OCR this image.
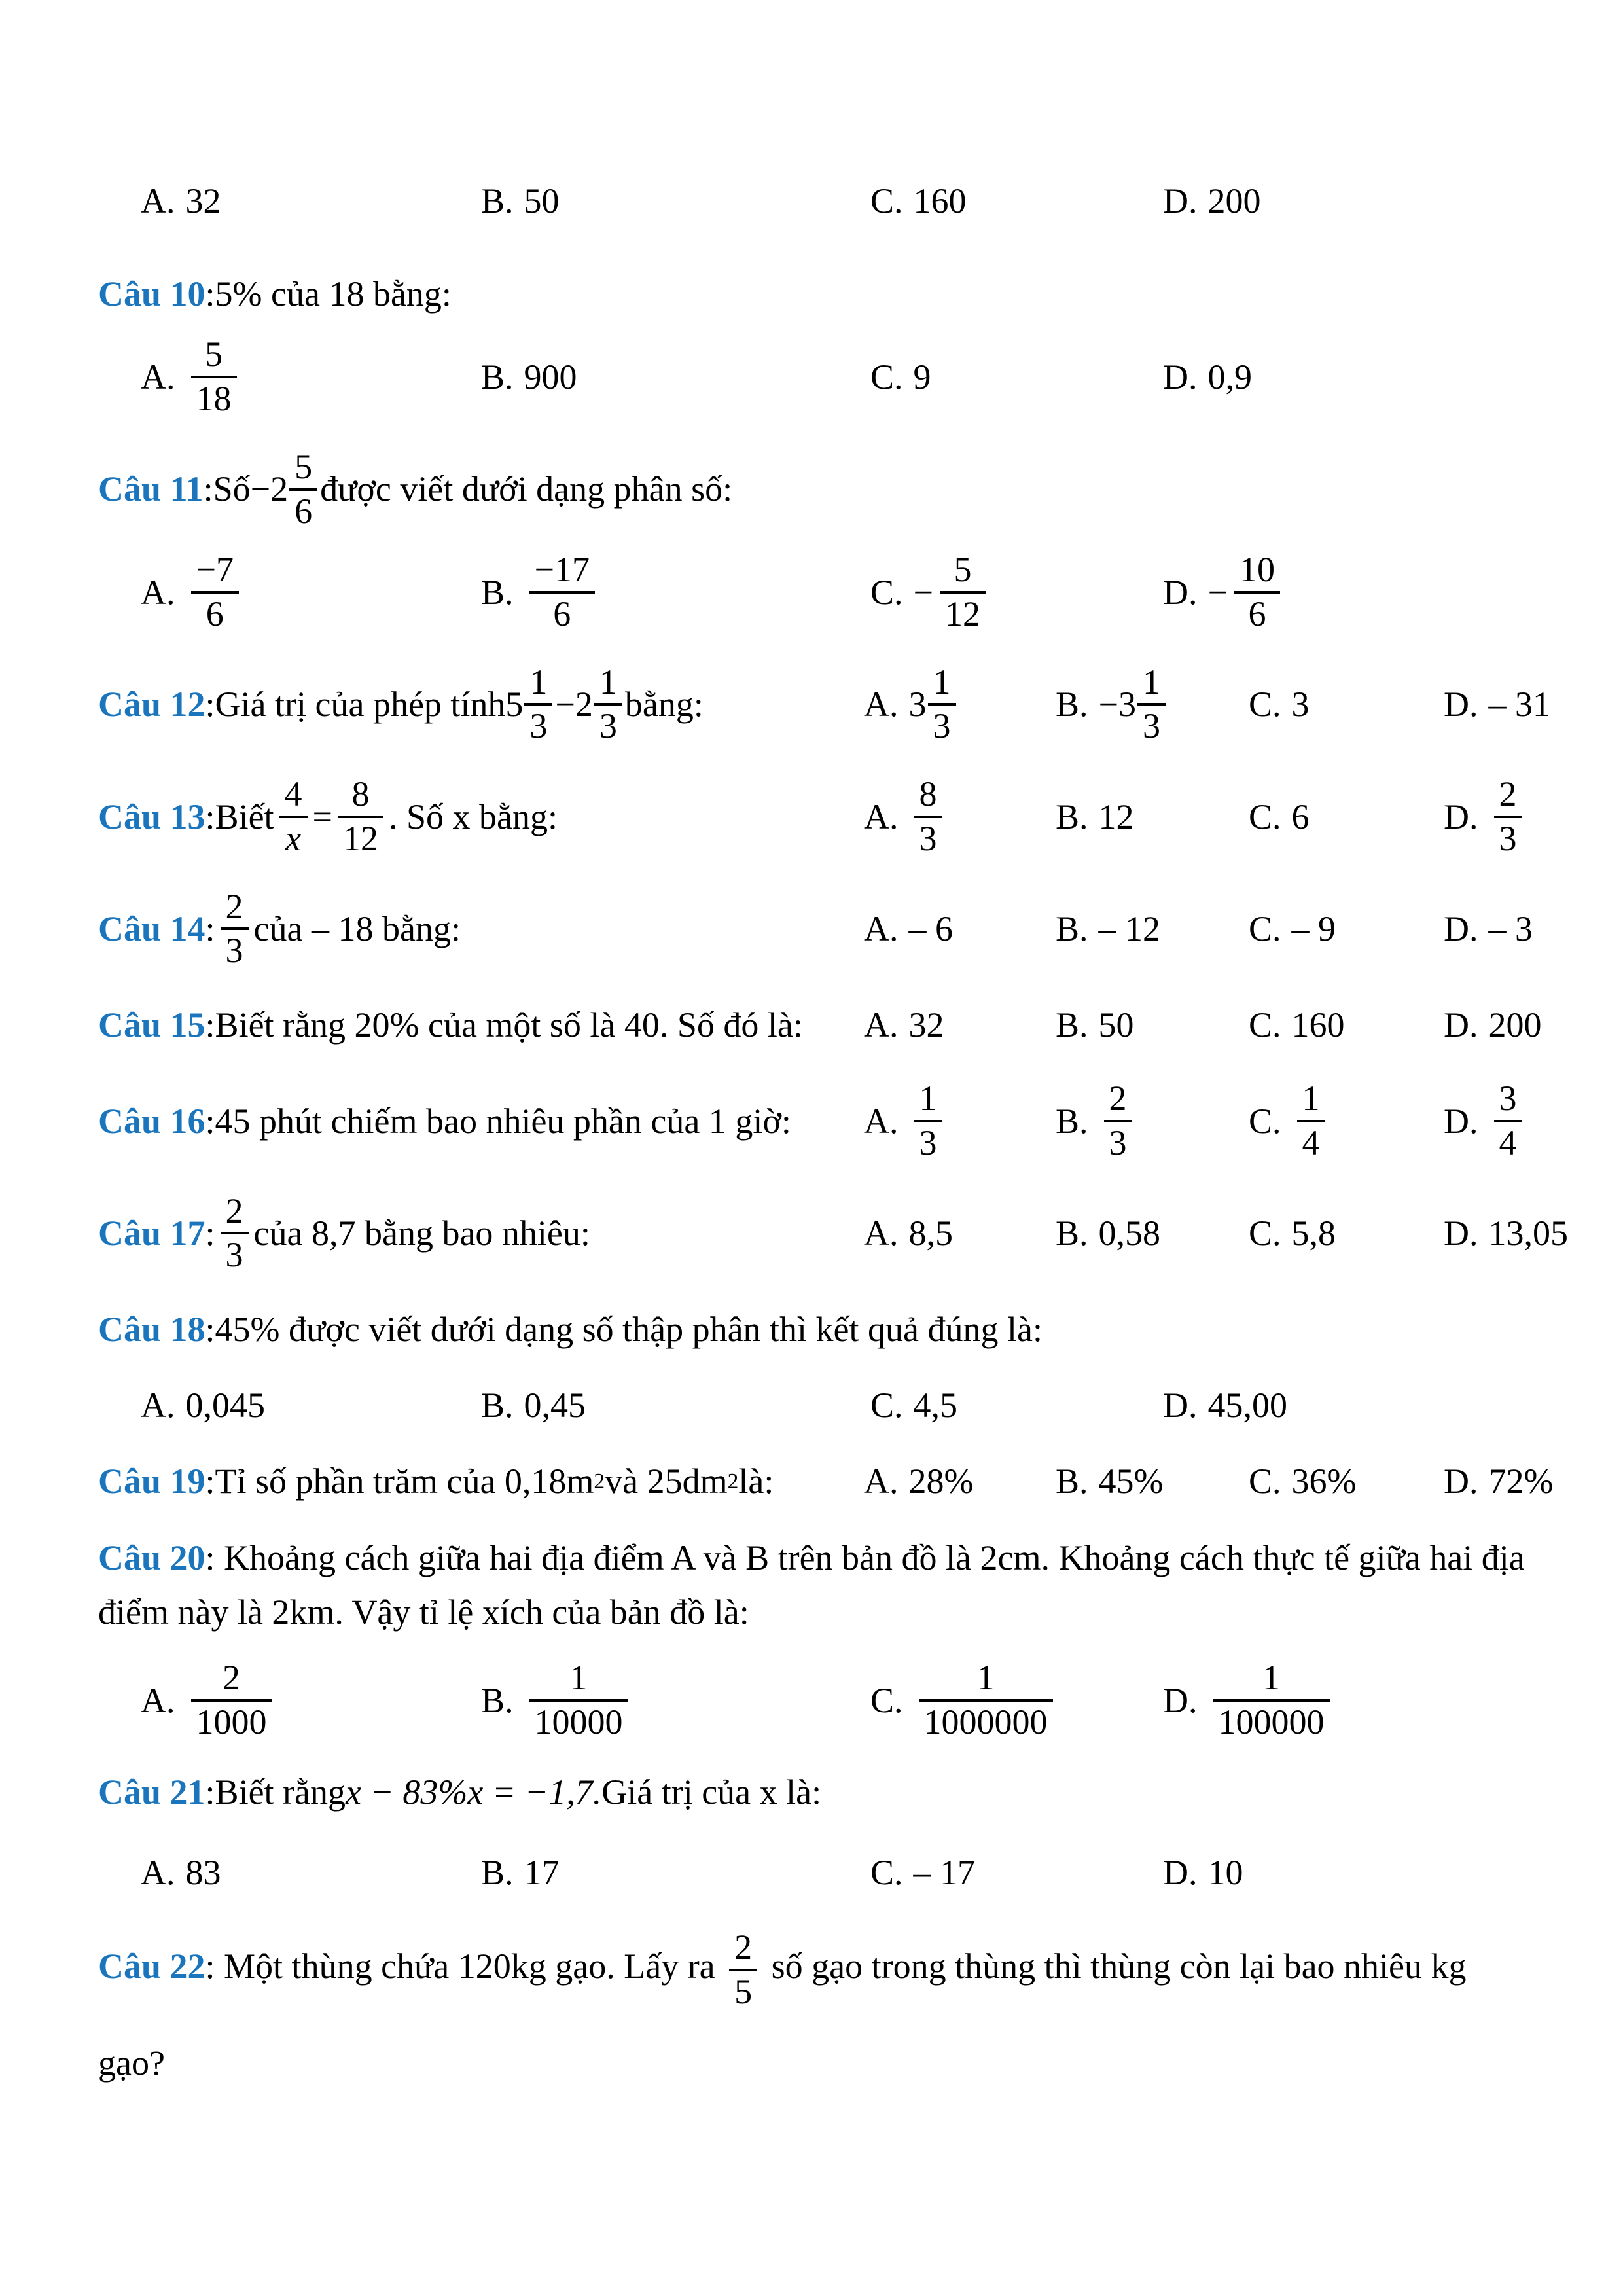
A. 32	B. 50	C. 160	D. 200
Câu 10 : 5% của 18 bằng:
A. $\frac{5}{18}$	B. 900	C. 9	D. 0,9
Câu 11 : Số $-2 \frac{5}{6}$ được viết dưới dạng phân số:
A. $\frac{-7}{6}$	B. $\frac{-17}{6}$	C. − $\frac{5}{12}$	D. − $\frac{10}{6}$
Câu 12 : Giá trị của phép tính $5 \frac{1}{3} - 2 \frac{1}{3}$ bằng:	A. $3 \frac{1}{3}$	B. $-3 \frac{1}{3} C$. 3	D. – 31
Câu 13 : Biết $\frac{4}{x} = \frac{8}{12}$ . Số x bằng:	A. $\frac{8}{3}$	B. 12	C. 6	D. $\frac{2}{3}$
Câu 14 : $\frac{2}{3}$ của – 18 bằng:	A. – 6	B. – 12 C. – 9	D. – 3
Câu 15 : Biết rằng 20% của một số là 40. Số đó là: A. 32	B. 50	C. 160	D. 200
Câu 16 : 45 phút chiếm bao nhiêu phần của 1 giờ: A. $\frac{1}{3}$	B. $\frac{2}{3}$	C. $\frac{1}{4}$	D. $\frac{3}{4}$
Câu 17 : $\frac{2}{3}$ của 8,7 bằng bao nhiêu:	A. 8,5	B. 0,58 C. 5,8	D. 13,05
Câu 18 : 45% được viết dưới dạng số thập phân thì kết quả đúng là:
A. 0,045	B. 0,45	C. 4,5	D. 45,00
Câu 19 : Tỉ số phần trăm của 0,18m 2 và 25dm 2 là:	A. 28% B. 45% C. 36% D. 72%
Câu 20: Khoảng cách giữa hai địa điểm A và B trên bản đồ là 2cm. Khoảng cách thực tế giữa hai địa điểm này là 2km. Vậy tỉ lệ xích của bản đồ là:
A. $\frac{2}{1000}$	B. $\frac{1}{10000}$	C. $\frac{1}{1000000}$	D. $\frac{1}{100000}$
Câu 21 : Biết rằng x − 83%x = −1,7. Giá trị của x là:
A. 83	B. 17	C. – 17	D. 10
Câu 22: Một thùng chứa 120kg gạo. Lấy ra $\frac{2}{5}$ số gạo trong thùng thì thùng còn lại bao nhiêu kg
gạo?
